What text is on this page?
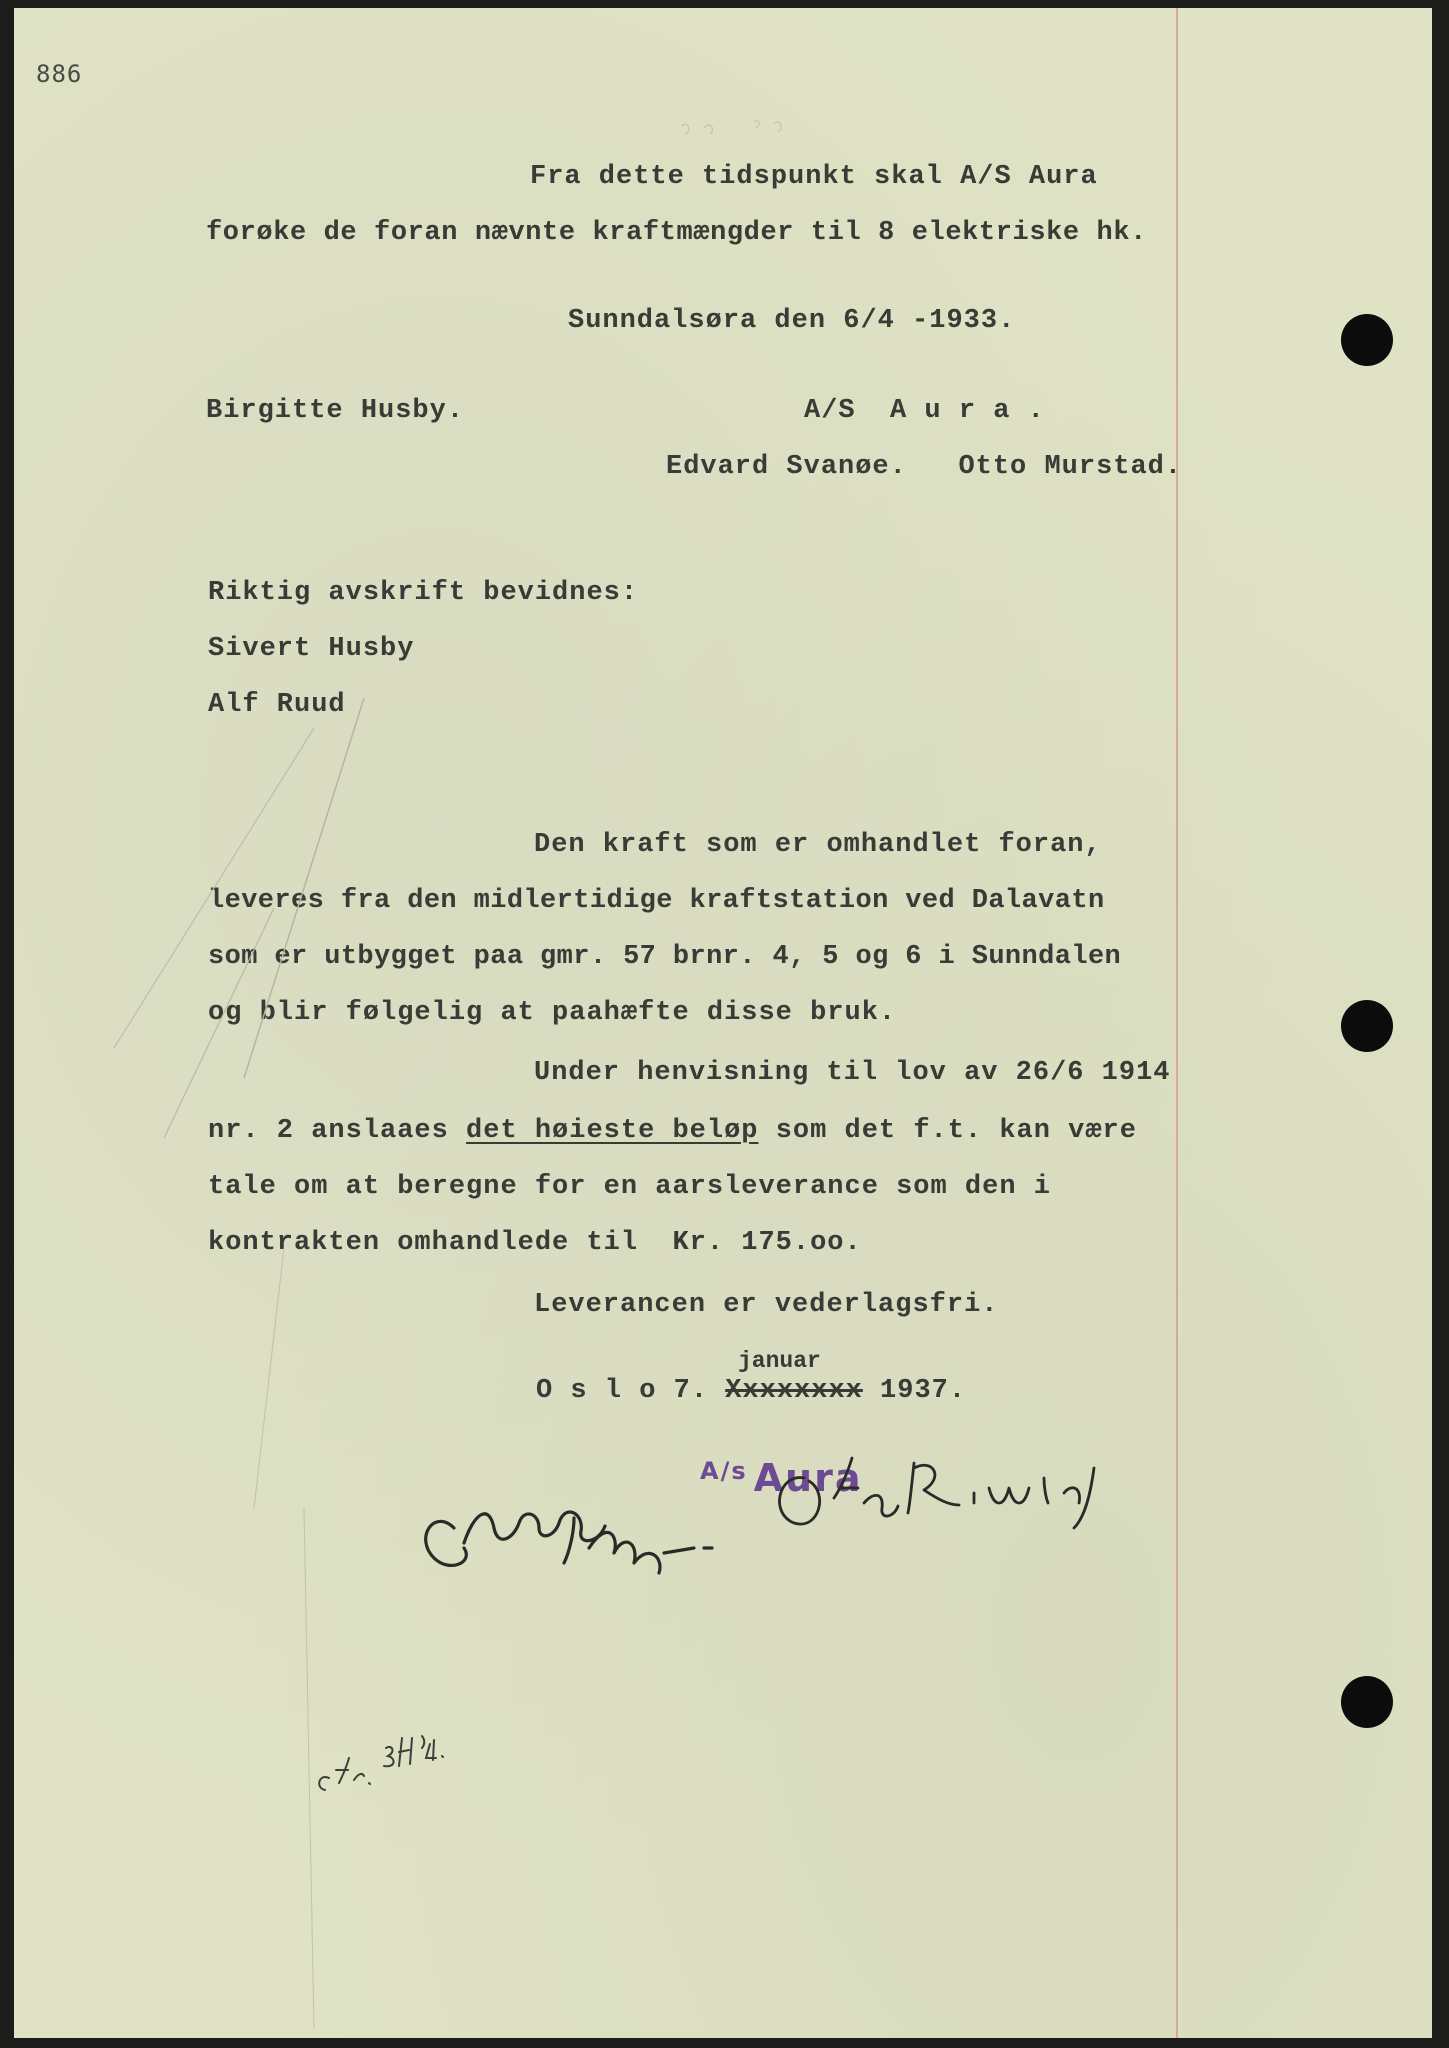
886
Fra dette tidspunkt skal A/S Aura
forøke de foran nævnte kraftmængder til 8 elektriske hk.
Sunndalsøra den 6/4 -1933.
Birgitte Husby.	A/S  A u r a .
Edvard Svanøe.   Otto Murstad.
Riktig avskrift bevidnes:
Sivert Husby
Alf Ruud
Den kraft som er omhandlet foran,
leveres fra den midlertidige kraftstation ved Dalavatn
som er utbygget paa gmr. 57 brnr. 4, 5 og 6 i Sunndalen
og blir følgelig at paahæfte disse bruk.
Under henvisning til lov av 26/6 1914
nr. 2 anslaaes det høieste beløp som det f.t. kan være
tale om at beregne for en aarsleverance som den i
kontrakten omhandlede til  Kr. 175.oo.
Leverancen er vederlagsfri.
januar
O s l o 7. Xxxxxxxx 1937.
$^{A/s}$ Aura
